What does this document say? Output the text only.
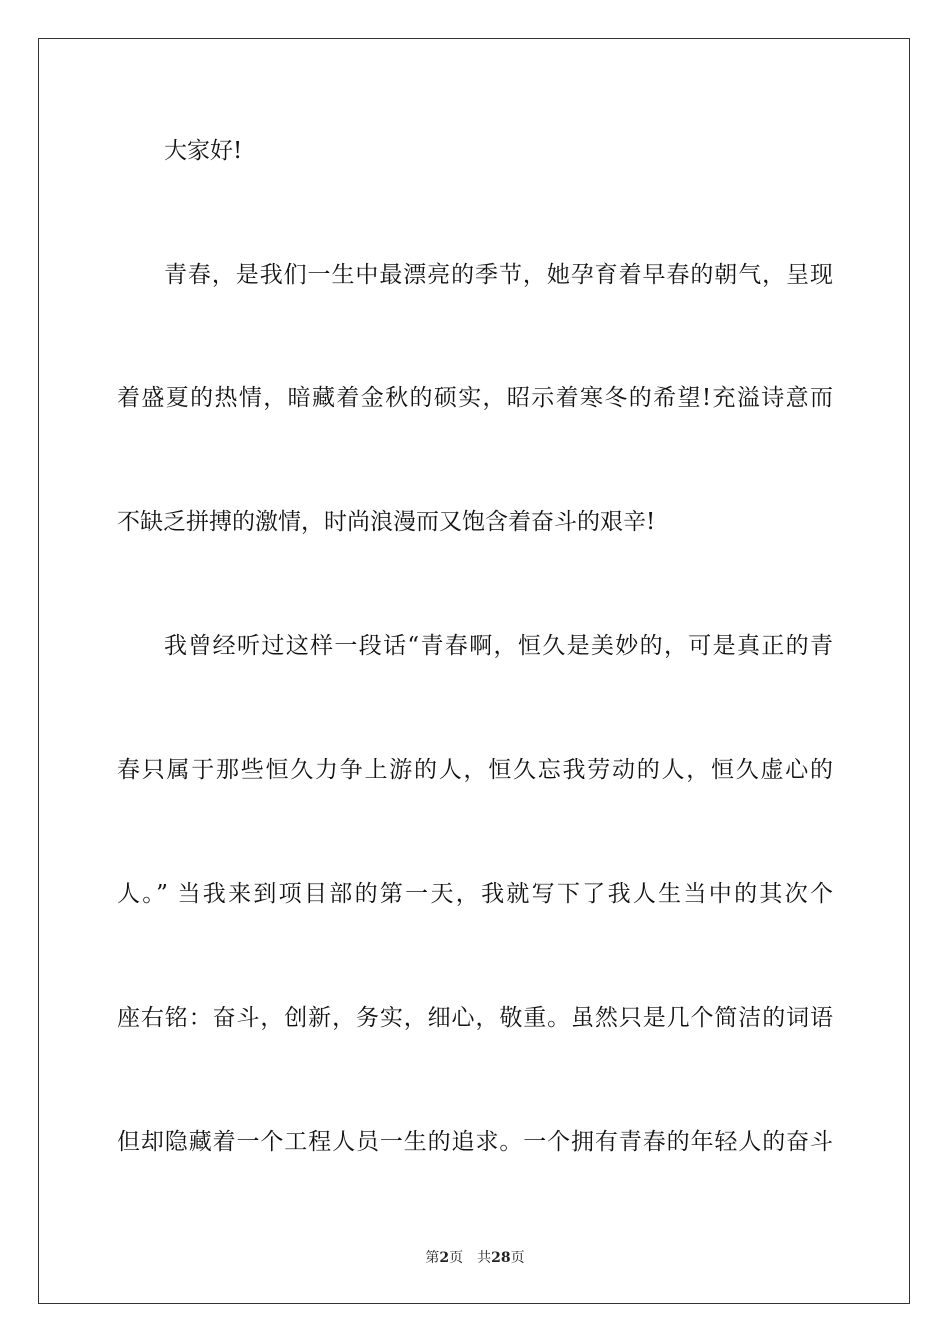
大家好!
青春，是我们一生中最漂亮的季节，她孕育着早春的朝气，呈现
着盛夏的热情，暗藏着金秋的硕实，昭示着寒冬的希望!充溢诗意而
不缺乏拼搏的激情，时尚浪漫而又饱含着奋斗的艰辛!
我曾经听过这样一段话“青春啊，恒久是美妙的，可是真正的青
春只属于那些恒久力争上游的人，恒久忘我劳动的人，恒久虚心的
人。” 当我来到项目部的第一天，我就写下了我人生当中的其次个
座右铭：奋斗，创新，务实，细心，敬重。虽然只是几个简洁的词语
但却隐藏着一个工程人员一生的追求。一个拥有青春的年轻人的奋斗
第2页 共28页
